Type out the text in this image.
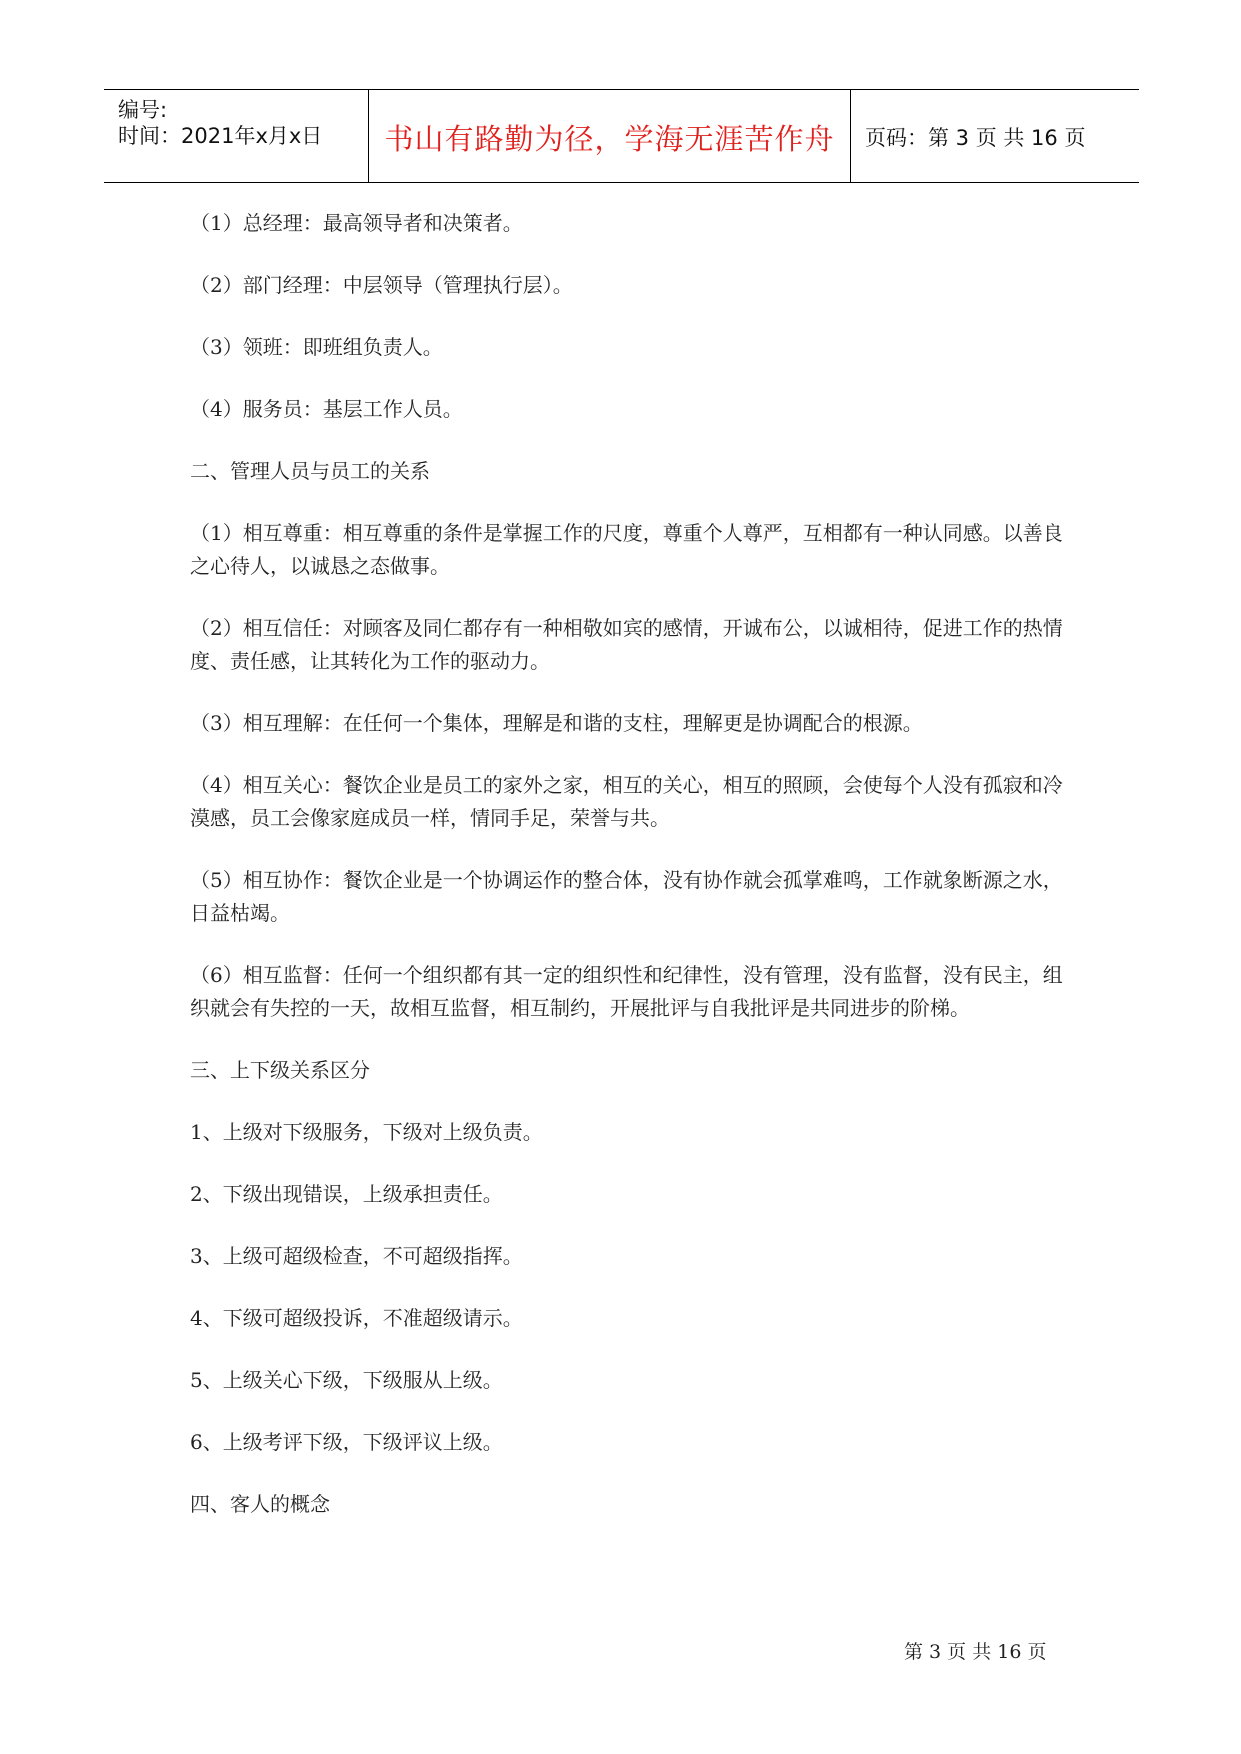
编号:
时间：2021年x月x日	书山有路勤为径，学海无涯苦作舟	页码：第 3 页 共 16 页

（1）总经理：最高领导者和决策者。

（2）部门经理：中层领导（管理执行层）。

（3）领班：即班组负责人。

（4）服务员：基层工作人员。

二、管理人员与员工的关系

（1）相互尊重：相互尊重的条件是掌握工作的尺度，尊重个人尊严，互相都有一种认同感。以善良之心待人，以诚恳之态做事。

（2）相互信任：对顾客及同仁都存有一种相敬如宾的感情，开诚布公，以诚相待，促进工作的热情度、责任感，让其转化为工作的驱动力。

（3）相互理解：在任何一个集体，理解是和谐的支柱，理解更是协调配合的根源。

（4）相互关心：餐饮企业是员工的家外之家，相互的关心，相互的照顾，会使每个人没有孤寂和冷漠感，员工会像家庭成员一样，情同手足，荣誉与共。

（5）相互协作：餐饮企业是一个协调运作的整合体，没有协作就会孤掌难鸣，工作就象断源之水，日益枯竭。

（6）相互监督：任何一个组织都有其一定的组织性和纪律性，没有管理，没有监督，没有民主，组织就会有失控的一天，故相互监督，相互制约，开展批评与自我批评是共同进步的阶梯。

三、上下级关系区分

1、上级对下级服务，下级对上级负责。

2、下级出现错误，上级承担责任。

3、上级可超级检查，不可超级指挥。

4、下级可超级投诉，不准超级请示。

5、上级关心下级，下级服从上级。

6、上级考评下级，下级评议上级。

四、客人的概念

第 3 页 共 16 页
